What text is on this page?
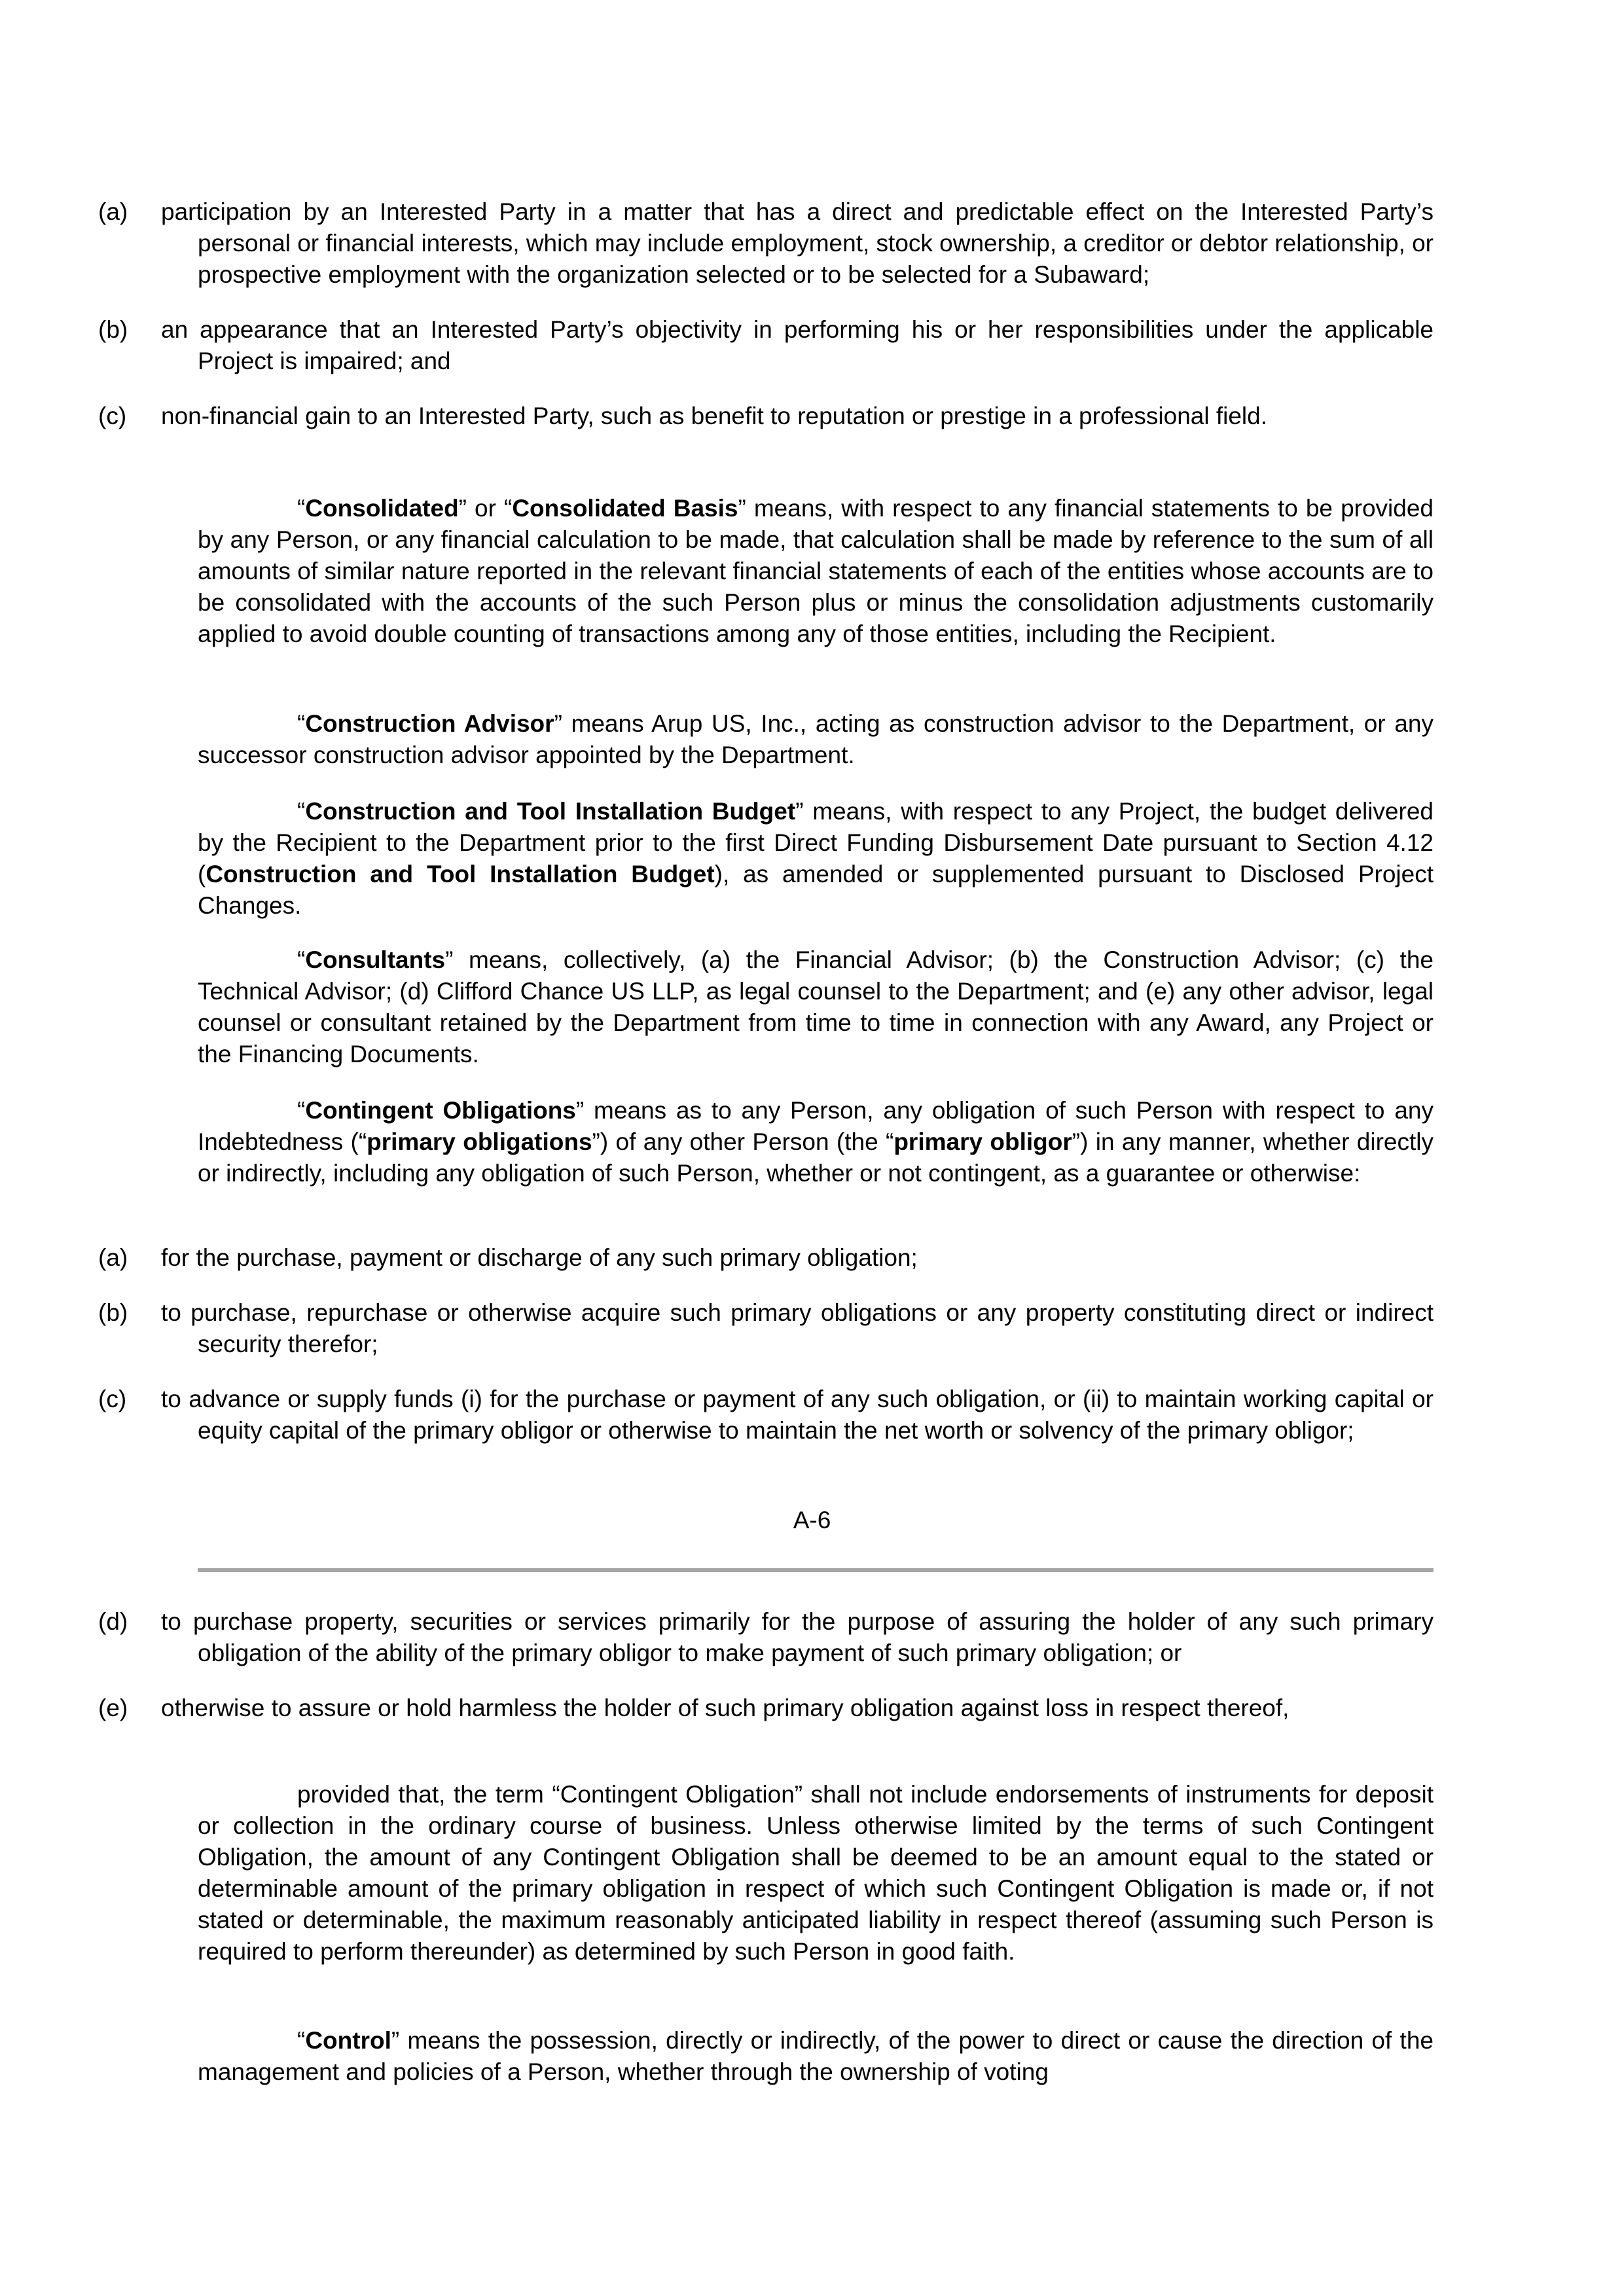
(a) participation by an Interested Party in a matter that has a direct and predictable effect on the Interested Party’s personal or financial interests, which may include employment, stock ownership, a creditor or debtor relationship, or prospective employment with the organization selected or to be selected for a Subaward;
(b) an appearance that an Interested Party’s objectivity in performing his or her responsibilities under the applicable Project is impaired; and
(c) non-financial gain to an Interested Party, such as benefit to reputation or prestige in a professional field.
“Consolidated” or “Consolidated Basis” means, with respect to any financial statements to be provided by any Person, or any financial calculation to be made, that calculation shall be made by reference to the sum of all amounts of similar nature reported in the relevant financial statements of each of the entities whose accounts are to be consolidated with the accounts of the such Person plus or minus the consolidation adjustments customarily applied to avoid double counting of transactions among any of those entities, including the Recipient.
“Construction Advisor” means Arup US, Inc., acting as construction advisor to the Department, or any successor construction advisor appointed by the Department.
“Construction and Tool Installation Budget” means, with respect to any Project, the budget delivered by the Recipient to the Department prior to the first Direct Funding Disbursement Date pursuant to Section 4.12 (Construction and Tool Installation Budget), as amended or supplemented pursuant to Disclosed Project Changes.
“Consultants” means, collectively, (a) the Financial Advisor; (b) the Construction Advisor; (c) the Technical Advisor; (d) Clifford Chance US LLP, as legal counsel to the Department; and (e) any other advisor, legal counsel or consultant retained by the Department from time to time in connection with any Award, any Project or the Financing Documents.
“Contingent Obligations” means as to any Person, any obligation of such Person with respect to any Indebtedness (“primary obligations”) of any other Person (the “primary obligor”) in any manner, whether directly or indirectly, including any obligation of such Person, whether or not contingent, as a guarantee or otherwise:
(a) for the purchase, payment or discharge of any such primary obligation;
(b) to purchase, repurchase or otherwise acquire such primary obligations or any property constituting direct or indirect security therefor;
(c) to advance or supply funds (i) for the purchase or payment of any such obligation, or (ii) to maintain working capital or equity capital of the primary obligor or otherwise to maintain the net worth or solvency of the primary obligor;
A-6
(d) to purchase property, securities or services primarily for the purpose of assuring the holder of any such primary obligation of the ability of the primary obligor to make payment of such primary obligation; or
(e) otherwise to assure or hold harmless the holder of such primary obligation against loss in respect thereof,
provided that, the term “Contingent Obligation” shall not include endorsements of instruments for deposit or collection in the ordinary course of business. Unless otherwise limited by the terms of such Contingent Obligation, the amount of any Contingent Obligation shall be deemed to be an amount equal to the stated or determinable amount of the primary obligation in respect of which such Contingent Obligation is made or, if not stated or determinable, the maximum reasonably anticipated liability in respect thereof (assuming such Person is required to perform thereunder) as determined by such Person in good faith.
“Control” means the possession, directly or indirectly, of the power to direct or cause the direction of the management and policies of a Person, whether through the ownership of voting
